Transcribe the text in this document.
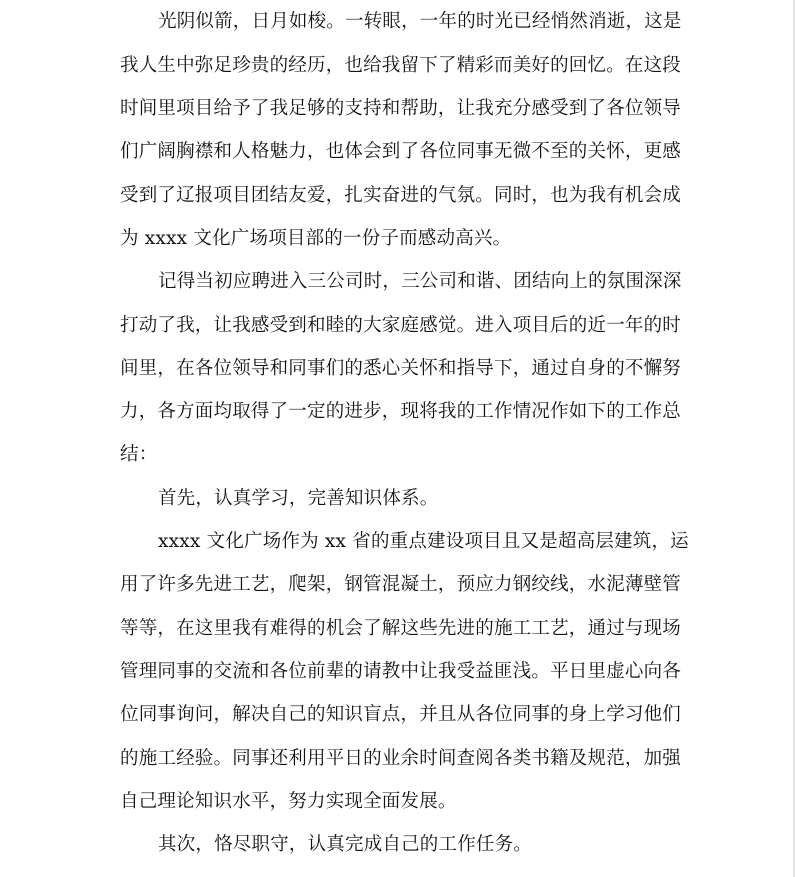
光阴似箭，日月如梭。一转眼，一年的时光已经悄然消逝，这是
我人生中弥足珍贵的经历，也给我留下了精彩而美好的回忆。在这段
时间里项目给予了我足够的支持和帮助，让我充分感受到了各位领导
们广阔胸襟和人格魅力，也体会到了各位同事无微不至的关怀，更感
受到了辽报项目团结友爱，扎实奋进的气氛。同时，也为我有机会成
为 xxxx 文化广场项目部的一份子而感动高兴。
记得当初应聘进入三公司时，三公司和谐、团结向上的氛围深深
打动了我，让我感受到和睦的大家庭感觉。进入项目后的近一年的时
间里，在各位领导和同事们的悉心关怀和指导下，通过自身的不懈努
力，各方面均取得了一定的进步，现将我的工作情况作如下的工作总
结：
首先，认真学习，完善知识体系。
xxxx 文化广场作为 xx 省的重点建设项目且又是超高层建筑，运
用了许多先进工艺，爬架，钢管混凝土，预应力钢绞线，水泥薄壁管
等等，在这里我有难得的机会了解这些先进的施工工艺，通过与现场
管理同事的交流和各位前辈的请教中让我受益匪浅。平日里虚心向各
位同事询问，解决自己的知识盲点，并且从各位同事的身上学习他们
的施工经验。同事还利用平日的业余时间查阅各类书籍及规范，加强
自己理论知识水平，努力实现全面发展。
其次，恪尽职守，认真完成自己的工作任务。
